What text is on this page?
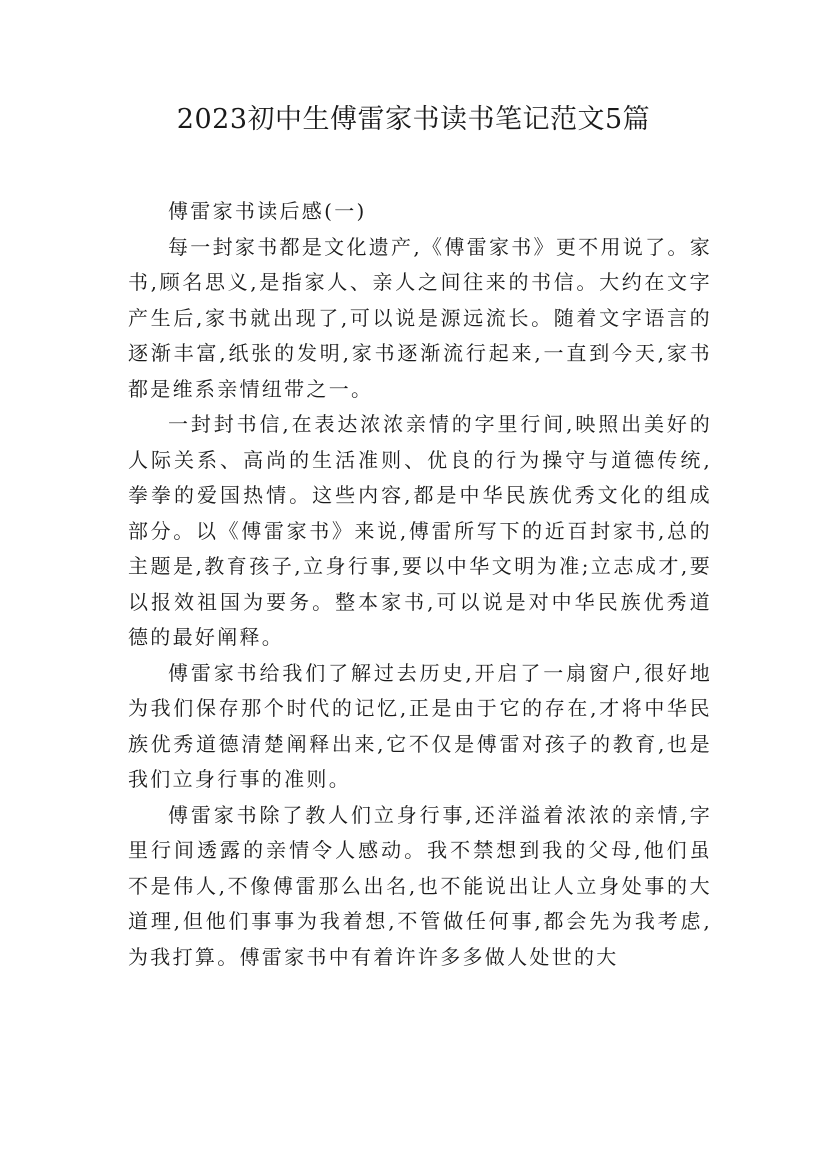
2023初中生傅雷家书读书笔记范文5篇

傅雷家书读后感(一)

每一封家书都是文化遗产,《傅雷家书》更不用说了。家书,顾名思义,是指家人、亲人之间往来的书信。大约在文字产生后,家书就出现了,可以说是源远流长。随着文字语言的逐渐丰富,纸张的发明,家书逐渐流行起来,一直到今天,家书都是维系亲情纽带之一。

一封封书信,在表达浓浓亲情的字里行间,映照出美好的人际关系、高尚的生活准则、优良的行为操守与道德传统,拳拳的爱国热情。这些内容,都是中华民族优秀文化的组成部分。以《傅雷家书》来说,傅雷所写下的近百封家书,总的主题是,教育孩子,立身行事,要以中华文明为准;立志成才,要以报效祖国为要务。整本家书,可以说是对中华民族优秀道德的最好阐释。

傅雷家书给我们了解过去历史,开启了一扇窗户,很好地为我们保存那个时代的记忆,正是由于它的存在,才将中华民族优秀道德清楚阐释出来,它不仅是傅雷对孩子的教育,也是我们立身行事的准则。

傅雷家书除了教人们立身行事,还洋溢着浓浓的亲情,字里行间透露的亲情令人感动。我不禁想到我的父母,他们虽不是伟人,不像傅雷那么出名,也不能说出让人立身处事的大道理,但他们事事为我着想,不管做任何事,都会先为我考虑,为我打算。傅雷家书中有着许许多多做人处世的大
